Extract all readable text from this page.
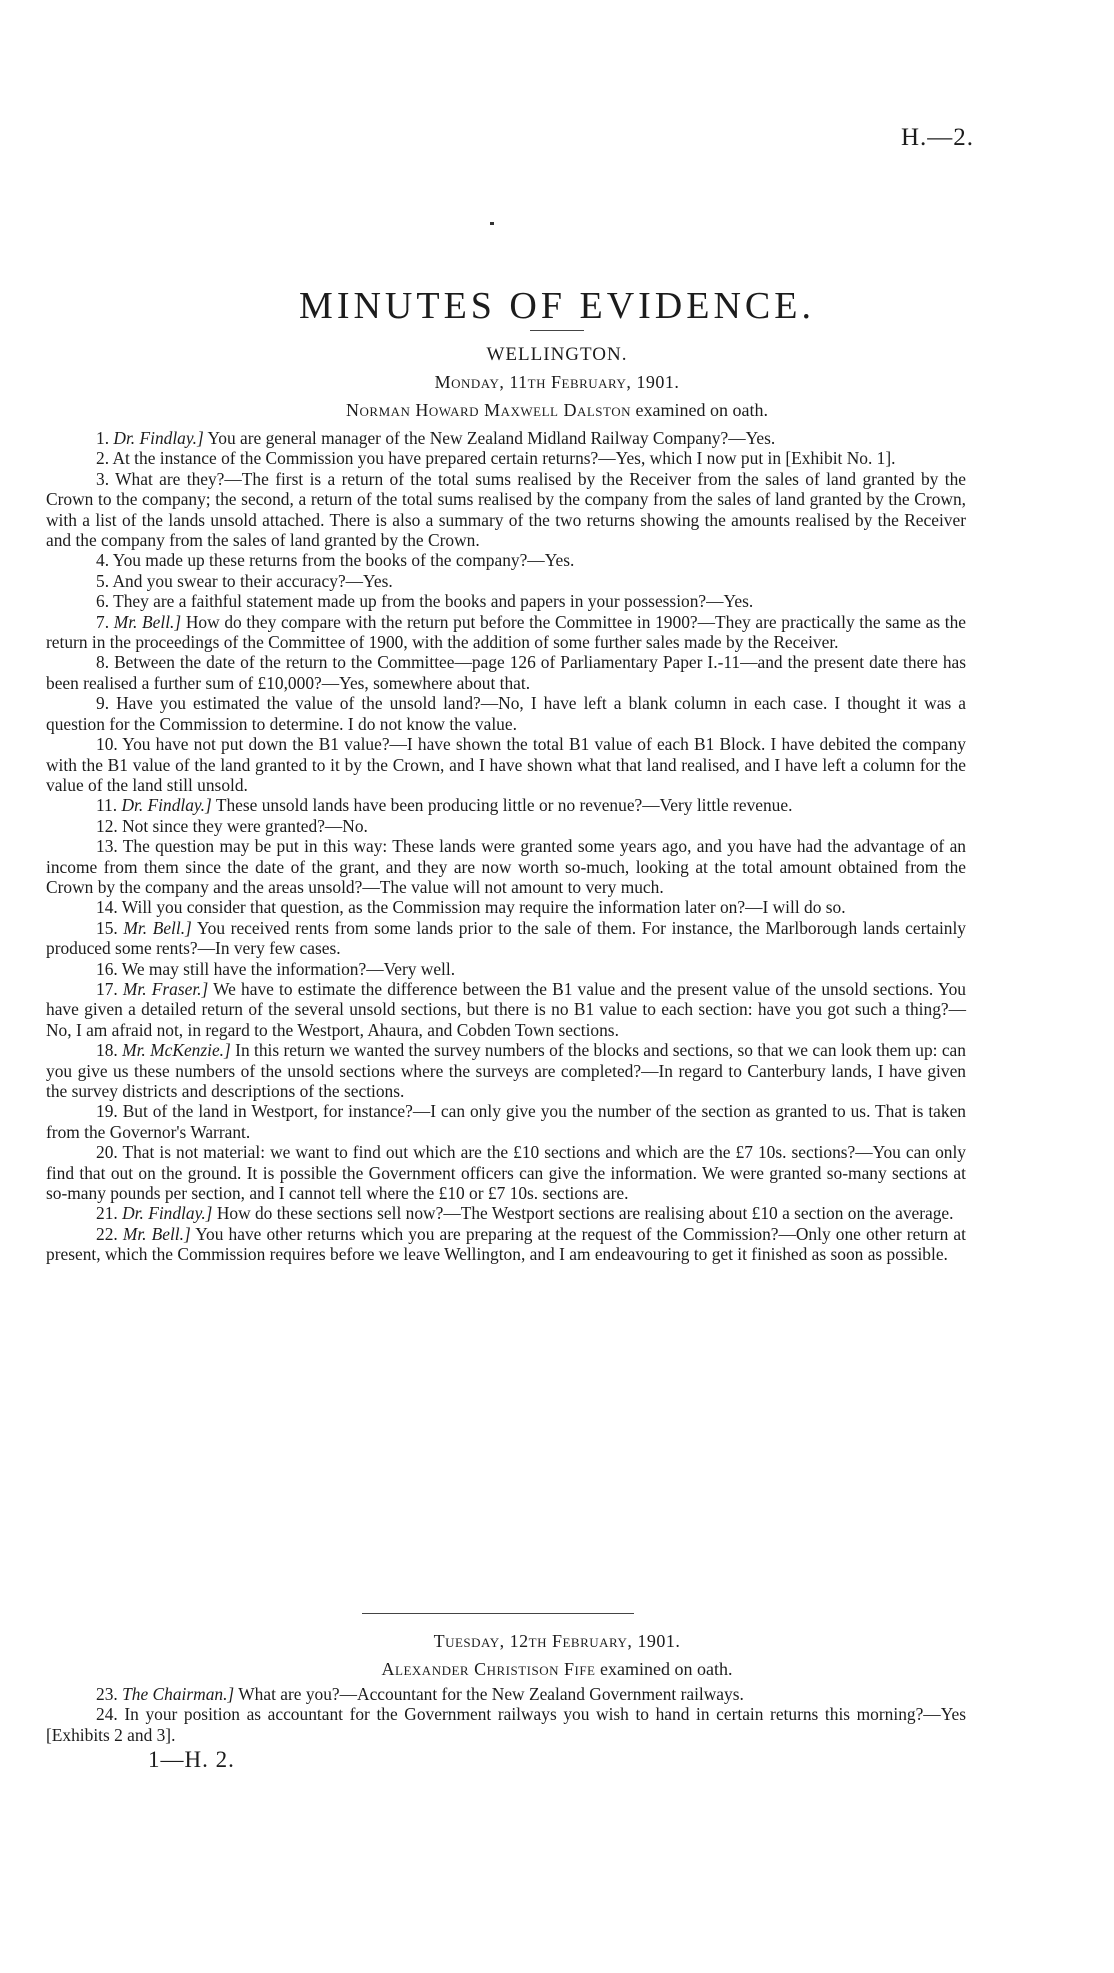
H.—2.
MINUTES OF EVIDENCE.
WELLINGTON.
Monday, 11th February, 1901.
Norman Howard Maxwell Dalston examined on oath.

1. Dr. Findlay.] You are general manager of the New Zealand Midland Railway Company?—Yes.

2. At the instance of the Commission you have prepared certain returns?—Yes, which I now put in [Exhibit No. 1].

3. What are they?—The first is a return of the total sums realised by the Receiver from the sales of land granted by the Crown to the company; the second, a return of the total sums realised by the company from the sales of land granted by the Crown, with a list of the lands unsold attached. There is also a summary of the two returns showing the amounts realised by the Receiver and the company from the sales of land granted by the Crown.

4. You made up these returns from the books of the company?—Yes.

5. And you swear to their accuracy?—Yes.

6. They are a faithful statement made up from the books and papers in your possession?—Yes.

7. Mr. Bell.] How do they compare with the return put before the Committee in 1900?—They are practically the same as the return in the proceedings of the Committee of 1900, with the addition of some further sales made by the Receiver.

8. Between the date of the return to the Committee—page 126 of Parliamentary Paper I.-11—and the present date there has been realised a further sum of £10,000?—Yes, somewhere about that.

9. Have you estimated the value of the unsold land?—No, I have left a blank column in each case. I thought it was a question for the Commission to determine. I do not know the value.

10. You have not put down the B1 value?—I have shown the total B1 value of each B1 Block. I have debited the company with the B1 value of the land granted to it by the Crown, and I have shown what that land realised, and I have left a column for the value of the land still unsold.

11. Dr. Findlay.] These unsold lands have been producing little or no revenue?—Very little revenue.

12. Not since they were granted?—No.

13. The question may be put in this way: These lands were granted some years ago, and you have had the advantage of an income from them since the date of the grant, and they are now worth so-much, looking at the total amount obtained from the Crown by the company and the areas unsold?—The value will not amount to very much.

14. Will you consider that question, as the Commission may require the information later on?—I will do so.

15. Mr. Bell.] You received rents from some lands prior to the sale of them. For instance, the Marlborough lands certainly produced some rents?—In very few cases.

16. We may still have the information?—Very well.

17. Mr. Fraser.] We have to estimate the difference between the B1 value and the present value of the unsold sections. You have given a detailed return of the several unsold sections, but there is no B1 value to each section: have you got such a thing?—No, I am afraid not, in regard to the Westport, Ahaura, and Cobden Town sections.

18. Mr. McKenzie.] In this return we wanted the survey numbers of the blocks and sections, so that we can look them up: can you give us these numbers of the unsold sections where the surveys are completed?—In regard to Canterbury lands, I have given the survey districts and descriptions of the sections.

19. But of the land in Westport, for instance?—I can only give you the number of the section as granted to us. That is taken from the Governor's Warrant.

20. That is not material: we want to find out which are the £10 sections and which are the £7 10s. sections?—You can only find that out on the ground. It is possible the Government officers can give the information. We were granted so-many sections at so-many pounds per section, and I cannot tell where the £10 or £7 10s. sections are.

21. Dr. Findlay.] How do these sections sell now?—The Westport sections are realising about £10 a section on the average.

22. Mr. Bell.] You have other returns which you are preparing at the request of the Commission?—Only one other return at present, which the Commission requires before we leave Wellington, and I am endeavouring to get it finished as soon as possible.

Tuesday, 12th February, 1901.
Alexander Christison Fife examined on oath.

23. The Chairman.] What are you?—Accountant for the New Zealand Government railways.

24. In your position as accountant for the Government railways you wish to hand in certain returns this morning?—Yes [Exhibits 2 and 3].

1—H. 2.
